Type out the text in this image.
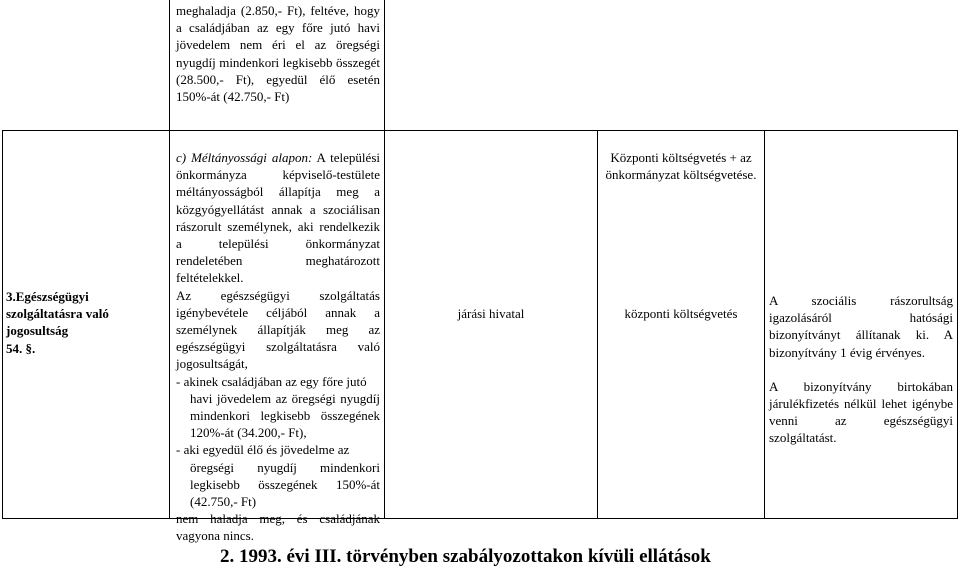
meghaladja (2.850,- Ft), feltéve, hogy a családjában az egy főre jutó havi jövedelem nem éri el az öregségi nyugdíj mindenkori legkisebb összegét (28.500,- Ft), egyedül élő esetén 150%-át (42.750,- Ft)
3.Egészségügyi szolgáltatásra való jogosultság
54. §.

c) Méltányossági alapon: A települési önkormányza képviselő-testülete méltányosságból állapítja meg a közgyógyellátást annak a szociálisan rászorult személynek, aki rendelkezik a települési önkormányzat rendeletében meghatározott feltételekkel.

Az egészségügyi szolgáltatás igénybevétele céljából annak a személynek állapítják meg az egészségügyi szolgáltatásra való jogosultságát,

- akinek családjában az egy főre jutó
havi jövedelem az öregségi nyugdíj mindenkori legkisebb összegének 120%-át (34.200,- Ft),

- aki egyedül élő és jövedelme az
öregségi nyugdíj mindenkori legkisebb összegének 150%-át (42.750,- Ft)

nem haladja meg, és családjának vagyona nincs.

járási hivatal
Központi költségvetés + az önkormányzat költségvetése.
központi költségvetés

A szociális rászorultság igazolásáról hatósági bizonyítványt állítanak ki. A bizonyítvány 1 évig érvényes.

A bizonyítvány birtokában járulékfizetés nélkül lehet igénybe venni az egészségügyi szolgáltatást.

2. 1993. évi III. törvényben szabályozottakon kívüli ellátások
